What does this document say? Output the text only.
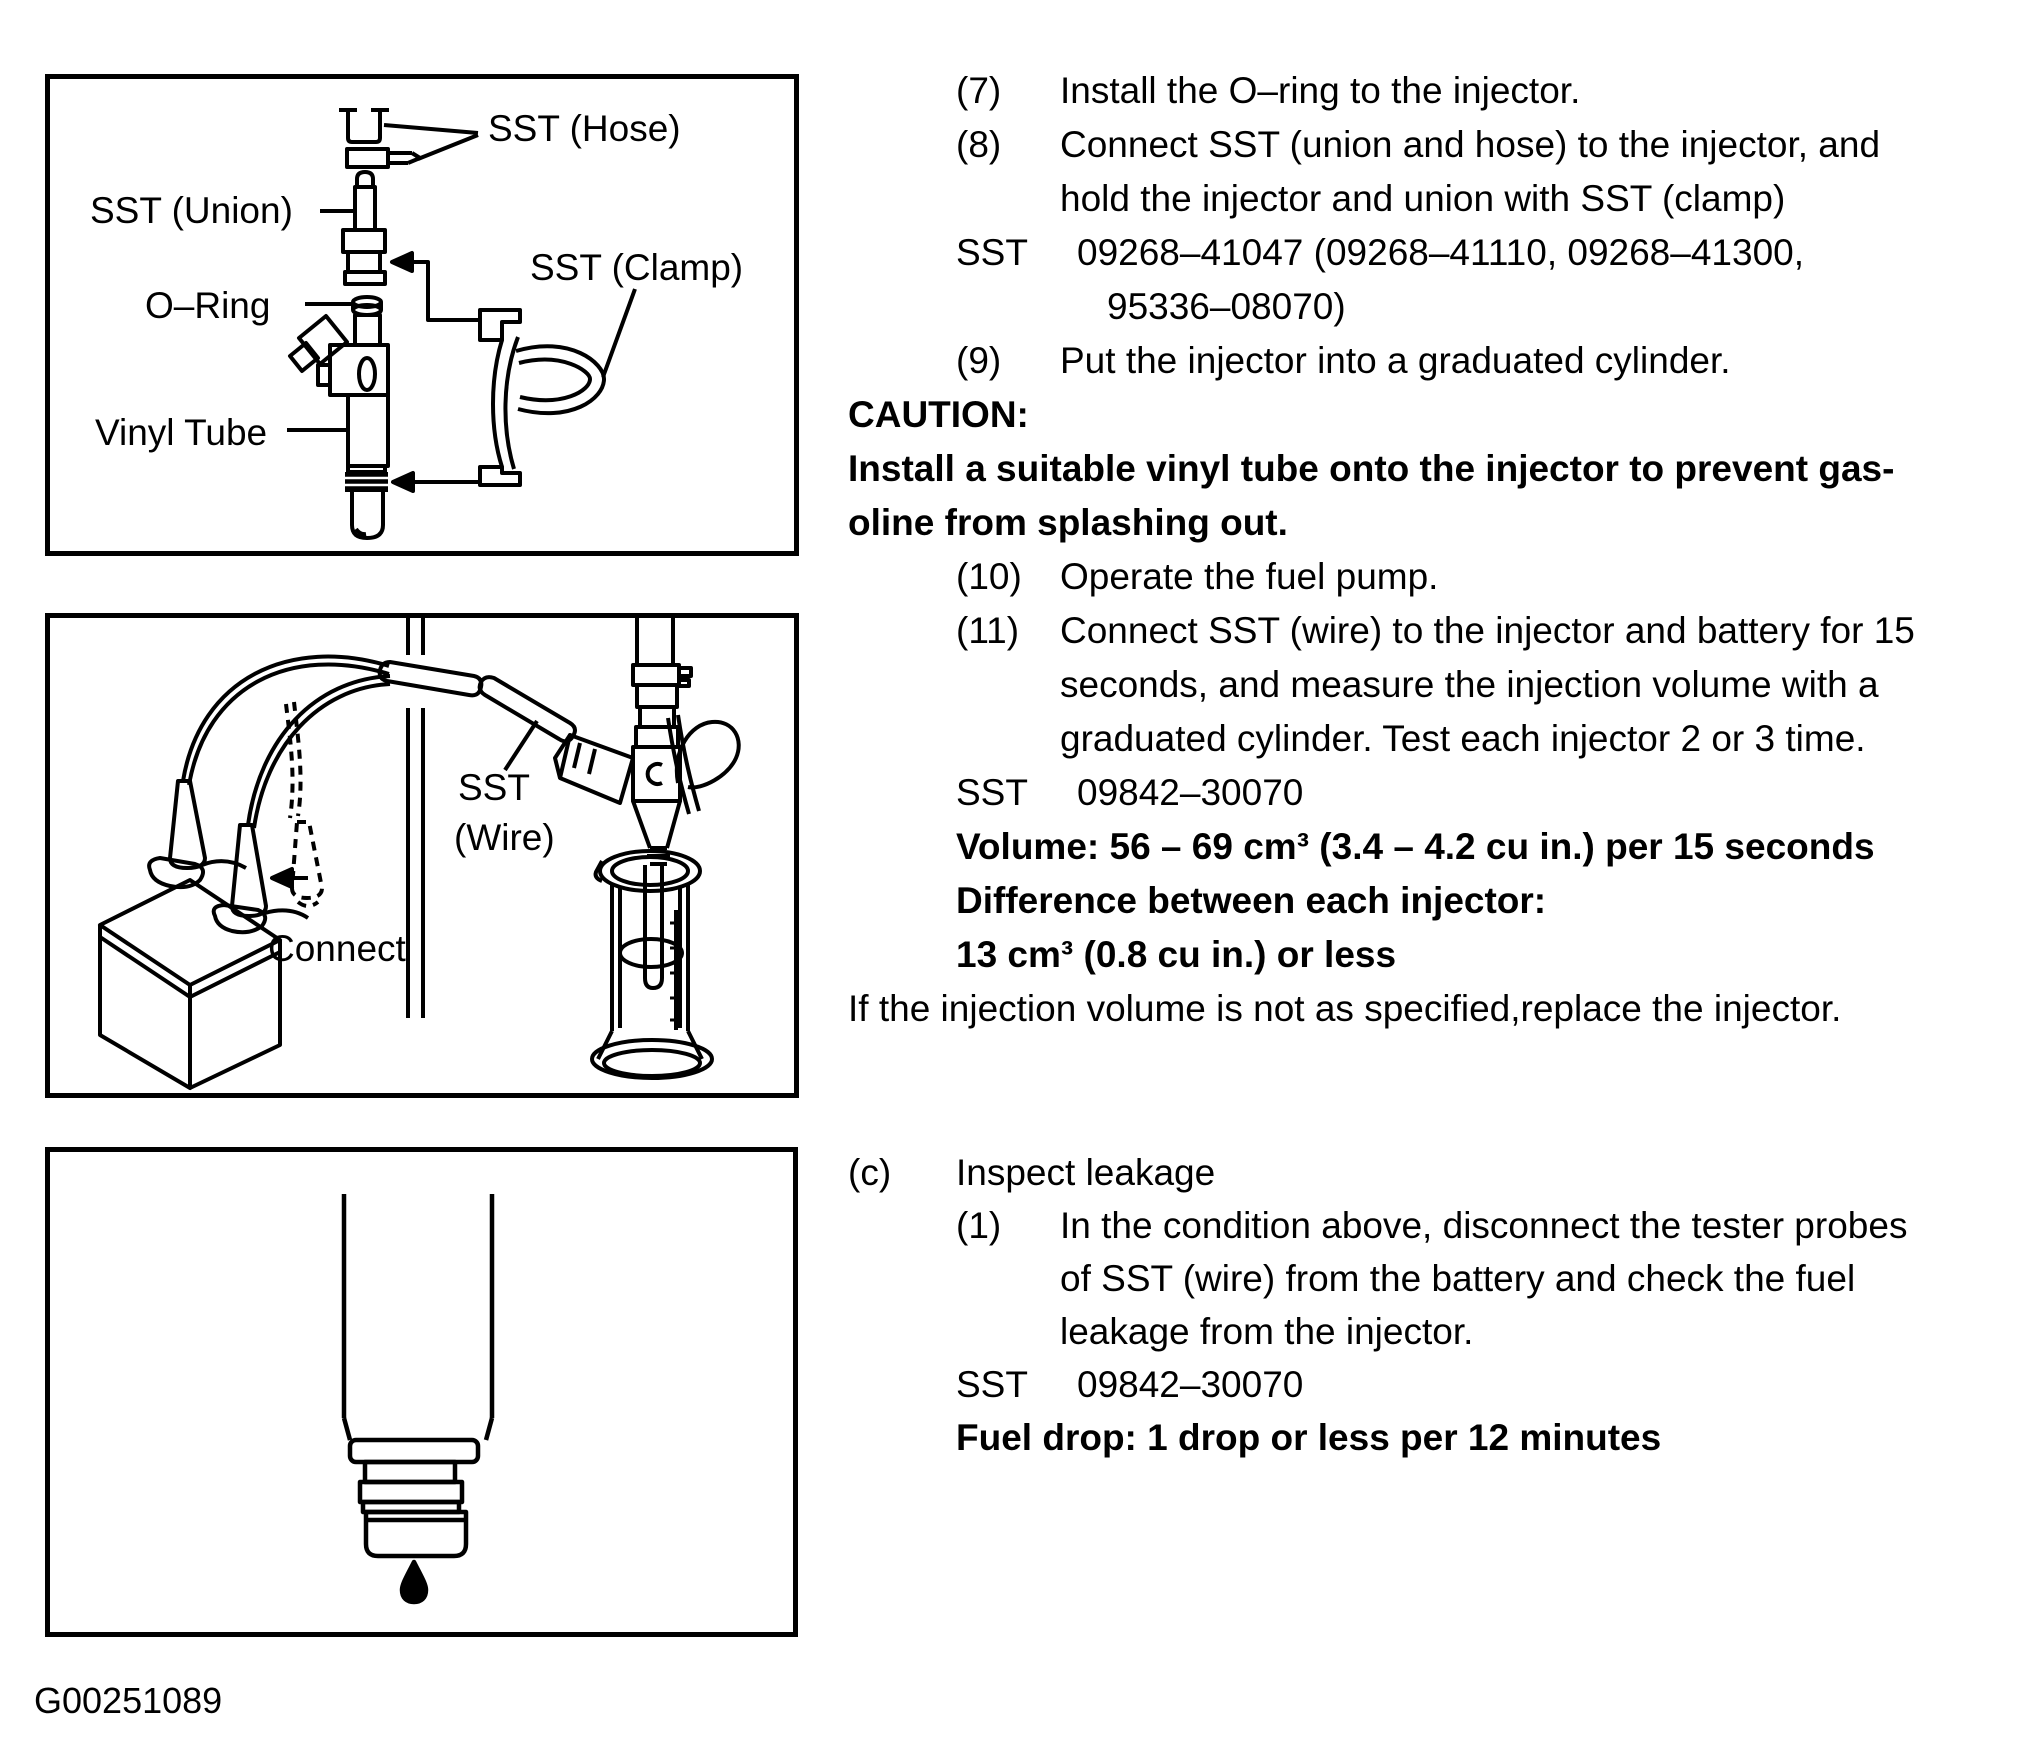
SST (Hose)
SST (Union)
SST (Clamp)
O–Ring
Vinyl Tube
SST
(Wire)
Connect
G00251089
(7) Install the O–ring to the injector.
(8) Connect SST (union and hose) to the injector, and
hold the injector and union with SST (clamp)
SST 09268–41047 (09268–41110, 09268–41300,
95336–08070)
(9) Put the injector into a graduated cylinder.
CAUTION:
Install a suitable vinyl tube onto the injector to prevent gas-
oline from splashing out.
(10) Operate the fuel pump.
(11) Connect SST (wire) to the injector and battery for 15
seconds, and measure the injection volume with a
graduated cylinder. Test each injector 2 or 3 time.
SST 09842–30070
Volume: 56 – 69 cm³ (3.4 – 4.2 cu in.) per 15 seconds
Difference between each injector:
13 cm³ (0.8 cu in.) or less
If the injection volume is not as specified,replace the injector.
(c) Inspect leakage
(1) In the condition above, disconnect the tester probes
of SST (wire) from the battery and check the fuel
leakage from the injector.
SST 09842–30070
Fuel drop: 1 drop or less per 12 minutes
